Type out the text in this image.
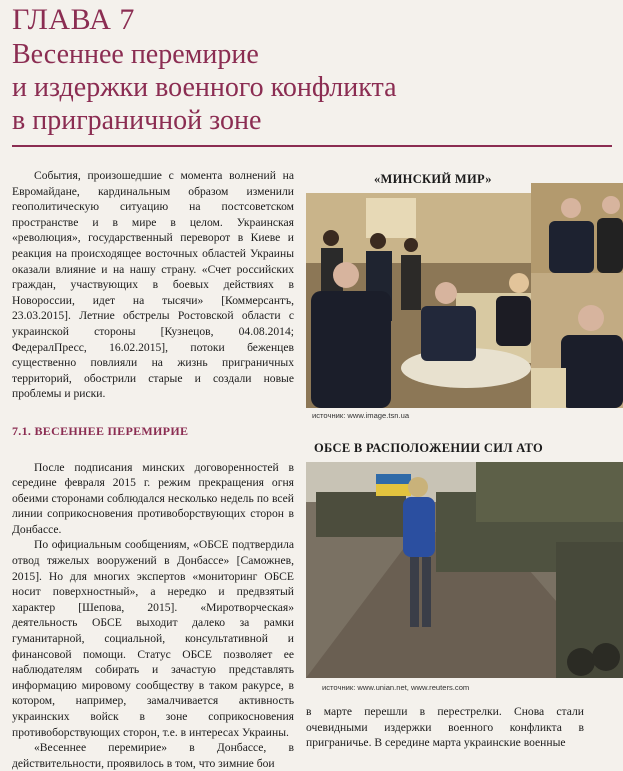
ГЛАВА 7
Весеннее перемирие
и издержки военного конфликта
в приграничной зоне

События, произошедшие с момента волнений на Евромайдане, кардинальным образом изменили геополитическую ситуацию на постсоветском пространстве и в мире в целом. Украинская «революция», государственный переворот в Киеве и реакция на происходящее восточных областей Украины оказали влияние и на нашу страну. «Счет российских граждан, участвующих в боевых действиях в Новороссии, идет на тысячи» [Коммерсантъ, 23.03.2015]. Летние обстрелы Ростовской области с украинской стороны [Кузнецов, 04.08.2014; ФедералПресс, 16.02.2015], потоки беженцев существенно повлияли на жизнь приграничных территорий, обострили старые и создали новые проблемы и риски.

7.1. ВЕСЕННЕЕ ПЕРЕМИРИЕ

После подписания минских договоренностей в середине февраля 2015 г. режим прекращения огня обеими сторонами соблюдался несколько недель по всей линии соприкосновения противоборствующих сторон в Донбассе.

По официальным сообщениям, «ОБСЕ подтвердила отвод тяжелых вооружений в Донбассе» [Саможнев, 2015]. Но для многих экспертов «мониторинг ОБСЕ носит поверхностный», а нередко и предвзятый характер [Шепова, 2015]. «Миротворческая» деятельность ОБСЕ выходит далеко за рамки гуманитарной, социальной, консультативной и финансовой помощи. Статус ОБСЕ позволяет ее наблюдателям собирать и зачастую представлять информацию мировому сообществу в таком ракурсе, в котором, например, замалчивается активность украинских войск в зоне соприкосновения противоборствующих сторон, т.е. в интересах Украины.

«Весеннее перемирие» в Донбассе, в действительности, проявилось в том, что зимние бои

«МИНСКИЙ МИР»
источник: www.image.tsn.ua
ОБСЕ В РАСПОЛОЖЕНИИ СИЛ АТО
источник: www.unian.net, www.reuters.com
в марте перешли в перестрелки. Снова стали очевидными издержки военного конфликта в приграничье. В середине марта украинские военные
